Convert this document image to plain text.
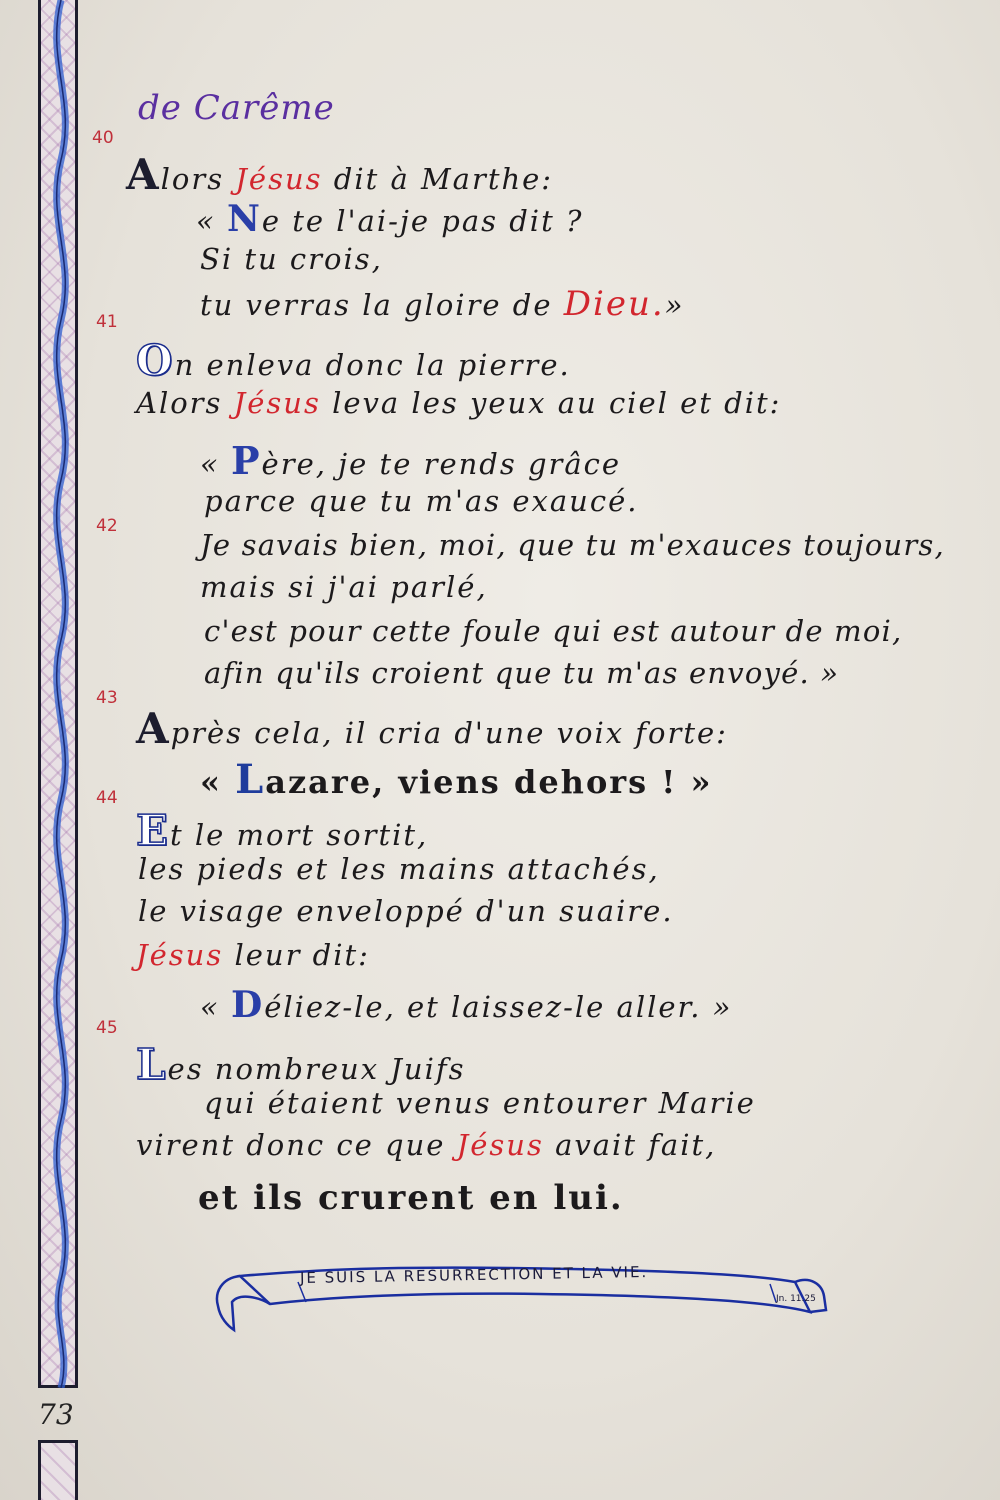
73
de Carême
40
41
42
43
44
45
Alors Jésus dit à Marthe:
« Ne te l'ai-je pas dit ?
Si tu crois,
tu verras la gloire de Dieu.»
On enleva donc la pierre.
Alors Jésus leva les yeux au ciel et dit:
« Père, je te rends grâce
parce que tu m'as exaucé.
Je savais bien, moi, que tu m'exauces toujours,
mais si j'ai parlé,
c'est pour cette foule qui est autour de moi,
afin qu'ils croient que tu m'as envoyé. »
Après cela, il cria d'une voix forte:
« Lazare, viens dehors ! »
Et le mort sortit,
les pieds et les mains attachés,
le visage enveloppé d'un suaire.
Jésus leur dit:
« Déliez-le, et laissez-le aller. »
Les nombreux Juifs
qui étaient venus entourer Marie
virent donc ce que Jésus avait fait,
et ils crurent en lui.
JE SUIS LA RESURRECTION ET LA VIE.
Jn. 11.25
